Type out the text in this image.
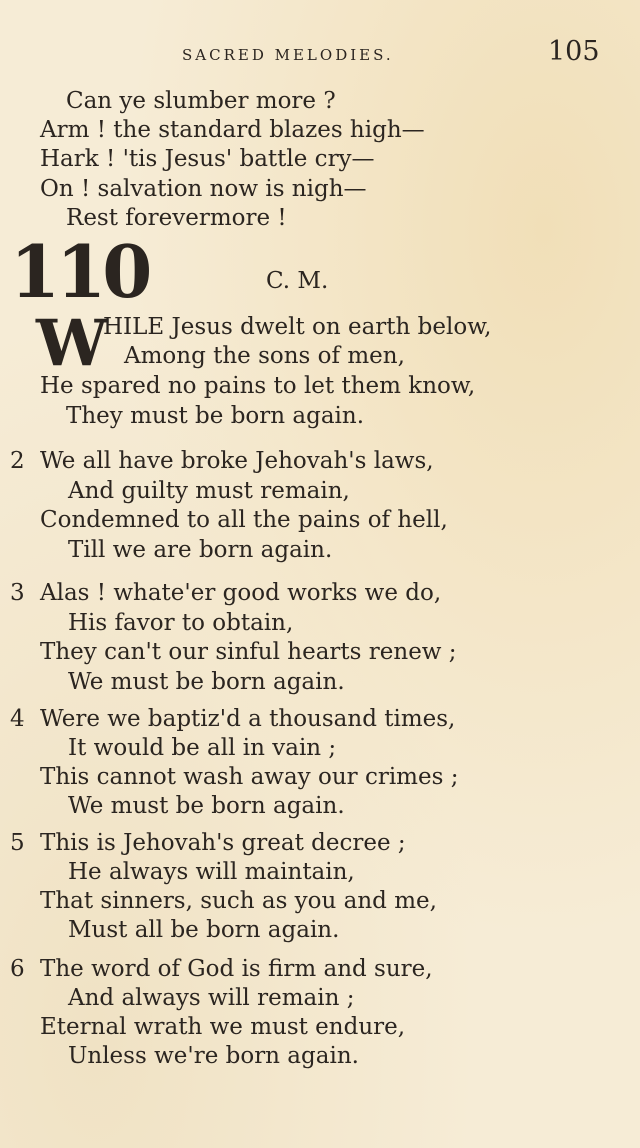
SACRED MELODIES.	105
Can ye slumber more ?
Arm ! the standard blazes high—
Hark ! 'tis Jesus' battle cry—
On ! salvation now is nigh—
Rest forevermore !
110	C. M.
W
HILE Jesus dwelt on earth below,
Among the sons of men,
He spared no pains to let them know,
They must be born again.
2 We all have broke Jehovah's laws,
And guilty must remain,
Condemned to all the pains of hell,
Till we are born again.
3 Alas ! whate'er good works we do,
His favor to obtain,
They can't our sinful hearts renew ;
We must be born again.
4 Were we baptiz'd a thousand times,
It would be all in vain ;
This cannot wash away our crimes ;
We must be born again.
5 This is Jehovah's great decree ;
He always will maintain,
That sinners, such as you and me,
Must all be born again.
6 The word of God is firm and sure,
And always will remain ;
Eternal wrath we must endure,
Unless we're born again.
